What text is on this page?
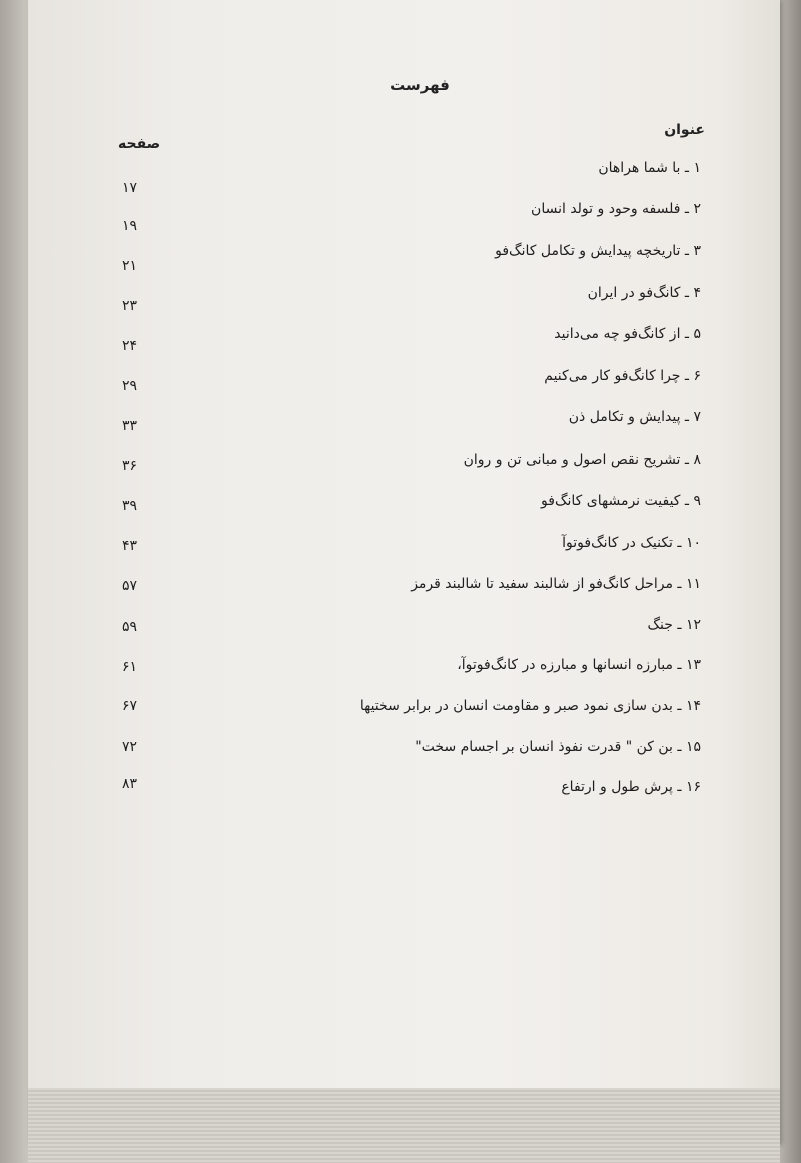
فهرست
عنوان
صفحه
۱ ـ با شما هراهان
۱۷
۲ ـ فلسفه وحود و تولد انسان
۱۹
۳ ـ تاریخچه پیدایش و تکامل کانگ‌فو
۲۱
۴ ـ کانگ‌فو در ایران
۲۳
۵ ـ از کانگ‌فو چه می‌دانید
۲۴
۶ ـ چرا کانگ‌فو کار می‌کنیم
۲۹
۷ ـ پیدایش و تکامل ذن
۳۳
۸ ـ تشریح نقص اصول و مبانی تن و روان
۳۶
۹ ـ کیفیت نرمشهای کانگ‌فو
۳۹
۱۰ ـ تکنیک در کانگ‌فوتوآ
۴۳
۱۱ ـ مراحل کانگ‌فو از شالبند سفید تا شالبند قرمز
۵۷
۱۲ ـ جنگ
۵۹
۱۳ ـ مبارزه انسانها و مبارزه در کانگ‌فوتوآ،
۶۱
۱۴ ـ بدن سازی نمود صبر و مقاومت انسان در برابر سختیها
۶۷
۱۵ ـ بن کن " قدرت نفوذ انسان بر اجسام سخت"
۷۲
۱۶ ـ پرش طول و ارتفاع
۸۳
